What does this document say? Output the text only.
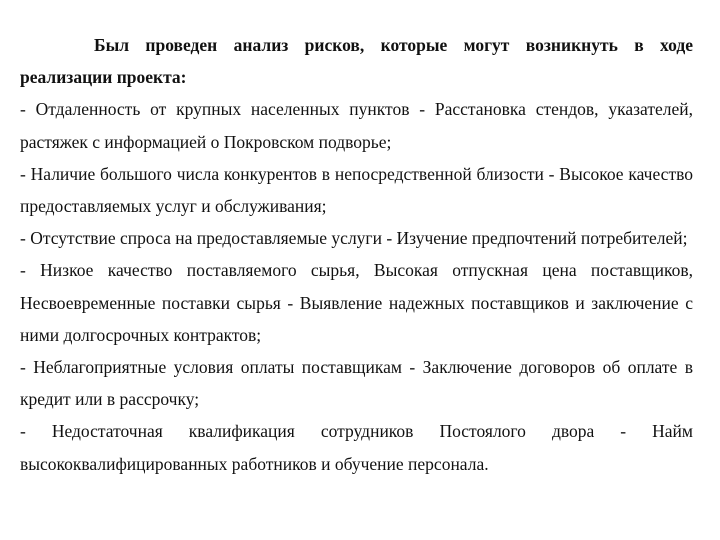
Был проведен анализ рисков, которые могут возникнуть в ходе реализации проекта:

- Отдаленность от крупных населенных пунктов - Расстановка стендов, указателей, растяжек с информацией о Покровском подворье;

- Наличие большого числа конкурентов в непосредственной близости - Высокое качество предоставляемых услуг и обслуживания;

- Отсутствие спроса на предоставляемые услуги - Изучение предпочтений потребителей;

- Низкое качество поставляемого сырья, Высокая отпускная цена поставщиков, Несвоевременные поставки сырья - Выявление надежных поставщиков и заключение с ними долгосрочных контрактов;

- Неблагоприятные условия оплаты поставщикам - Заключение договоров об оплате в кредит или в рассрочку;

- Недостаточная квалификация сотрудников Постоялого двора - Найм высококвалифицированных работников и обучение персонала.
